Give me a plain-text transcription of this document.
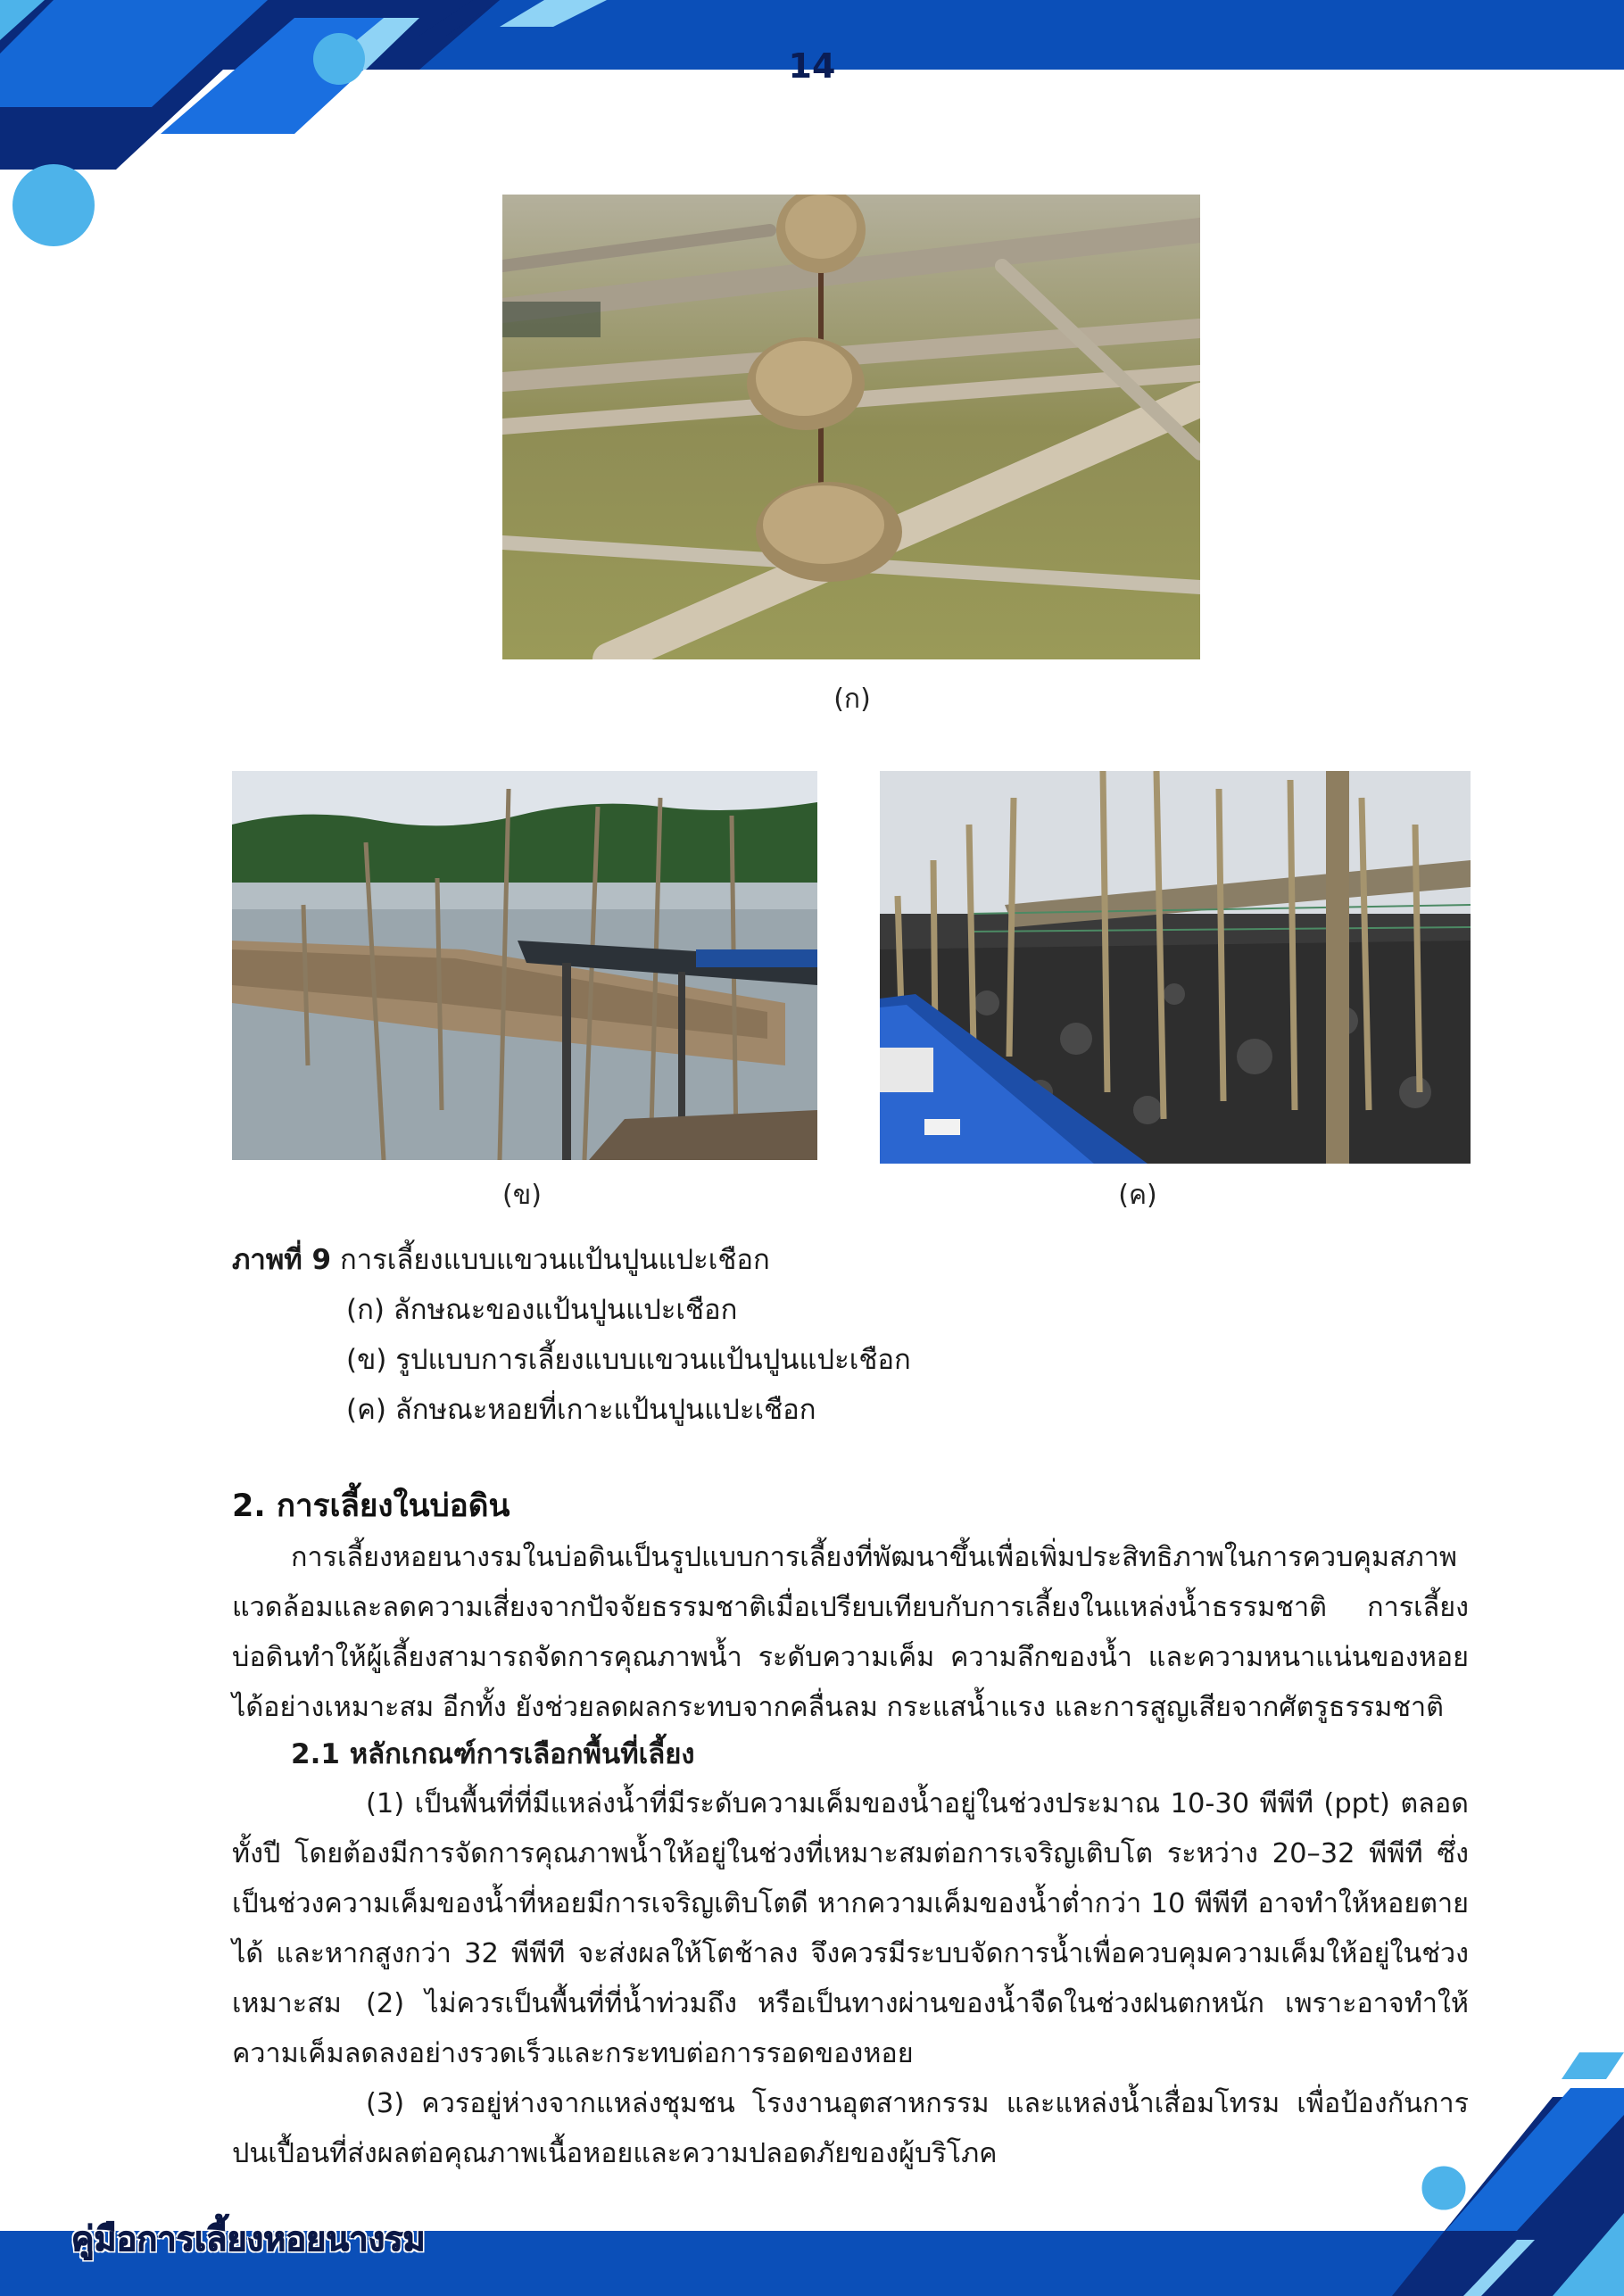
14
(ก)
(ข)	(ค)
ภาพที่ 9 การเลี้ยงแบบแขวนแป้นปูนแปะเชือก
(ก) ลักษณะของแป้นปูนแปะเชือก
(ข) รูปแบบการเลี้ยงแบบแขวนแป้นปูนแปะเชือก
(ค) ลักษณะหอยที่เกาะแป้นปูนแปะเชือก
2. การเลี้ยงในบ่อดิน
การเลี้ยงหอยนางรมในบ่อดินเป็นรูปแบบการเลี้ยงที่พัฒนาขึ้นเพื่อเพิ่มประสิทธิภาพในการควบคุมสภาพแวดล้อมและลดความเสี่ยงจากปัจจัยธรรมชาติเมื่อเปรียบเทียบกับการเลี้ยงในแหล่งน้ำธรรมชาติ การเลี้ยงบ่อดินทำให้ผู้เลี้ยงสามารถจัดการคุณภาพน้ำ ระดับความเค็ม ความลึกของน้ำ และความหนาแน่นของหอยได้อย่างเหมาะสม อีกทั้ง ยังช่วยลดผลกระทบจากคลื่นลม กระแสน้ำแรง และการสูญเสียจากศัตรูธรรมชาติ
2.1 หลักเกณฑ์การเลือกพื้นที่เลี้ยง
(1) เป็นพื้นที่ที่มีแหล่งน้ำที่มีระดับความเค็มของน้ำอยู่ในช่วงประมาณ 10-30 พีพีที (ppt) ตลอดทั้งปี โดยต้องมีการจัดการคุณภาพน้ำให้อยู่ในช่วงที่เหมาะสมต่อการเจริญเติบโต ระหว่าง 20–32 พีพีที ซึ่งเป็นช่วงความเค็มของน้ำที่หอยมีการเจริญเติบโตดี หากความเค็มของน้ำต่ำกว่า 10 พีพีที อาจทำให้หอยตายได้ และหากสูงกว่า 32 พีพีที จะส่งผลให้โตช้าลง จึงควรมีระบบจัดการน้ำเพื่อควบคุมความเค็มให้อยู่ในช่วงเหมาะสม (2) ไม่ควรเป็นพื้นที่ที่น้ำท่วมถึง หรือเป็นทางผ่านของน้ำจืดในช่วงฝนตกหนัก เพราะอาจทำให้ความเค็มลดลงอย่างรวดเร็วและกระทบต่อการรอดของหอย
(3) ควรอยู่ห่างจากแหล่งชุมชน โรงงานอุตสาหกรรม และแหล่งน้ำเสื่อมโทรม เพื่อป้องกันการปนเปื้อนที่ส่งผลต่อคุณภาพเนื้อหอยและความปลอดภัยของผู้บริโภค
คู่มือการเลี้ยงหอยนางรม
